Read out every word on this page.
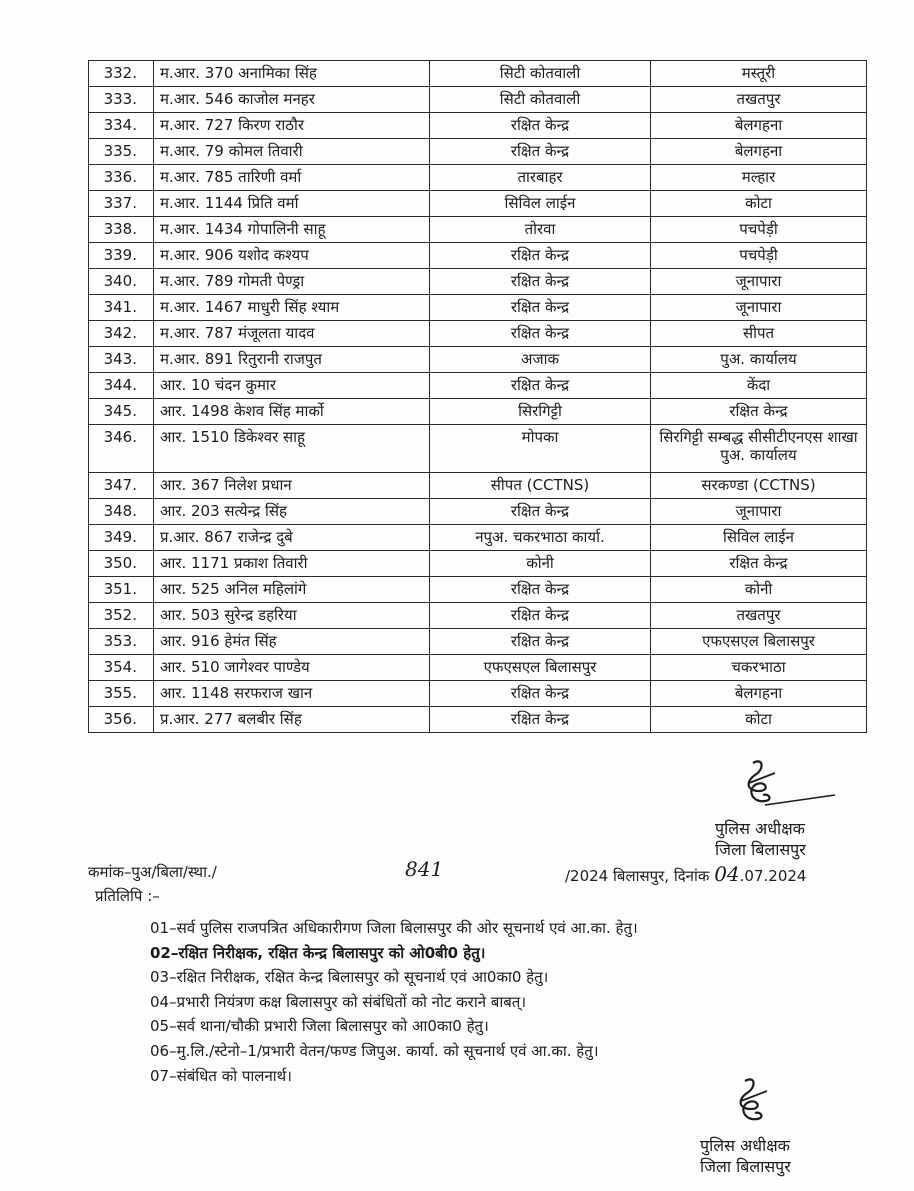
332.	म.आर. 370 अनामिका सिंह	सिटी कोतवाली	मस्तूरी
333.	म.आर. 546 काजोल मनहर	सिटी कोतवाली	तखतपुर
334.	म.आर. 727 किरण राठौर	रक्षित केन्द्र	बेलगहना
335.	म.आर. 79 कोमल तिवारी	रक्षित केन्द्र	बेलगहना
336.	म.आर. 785 तारिणी वर्मा	तारबाहर	मल्हार
337.	म.आर. 1144 प्रिति वर्मा	सिविल लाईन	कोटा
338.	म.आर. 1434 गोपालिनी साहू	तोरवा	पचपेड़ी
339.	म.आर. 906 यशोद कश्यप	रक्षित केन्द्र	पचपेड़ी
340.	म.आर. 789 गोमती पेण्ड्रा	रक्षित केन्द्र	जूनापारा
341.	म.आर. 1467 माधुरी सिंह श्याम	रक्षित केन्द्र	जूनापारा
342.	म.आर. 787 मंजूलता यादव	रक्षित केन्द्र	सीपत
343.	म.आर. 891 रितुरानी राजपुत	अजाक	पुअ. कार्यालय
344.	आर. 10 चंदन कुमार	रक्षित केन्द्र	केंदा
345.	आर. 1498 केशव सिंह मार्को	सिरगिट्टी	रक्षित केन्द्र
346.	आर. 1510 डिकेश्वर साहू	मोपका	सिरगिट्टी सम्बद्ध सीसीटीएनएस शाखा पुअ. कार्यालय
347.	आर. 367 निलेश प्रधान	सीपत (CCTNS)	सरकण्डा (CCTNS)
348.	आर. 203 सत्येन्द्र सिंह	रक्षित केन्द्र	जूनापारा
349.	प्र.आर. 867 राजेन्द्र दुबे	नपुअ. चकरभाठा कार्या.	सिविल लाईन
350.	आर. 1171 प्रकाश तिवारी	कोनी	रक्षित केन्द्र
351.	आर. 525 अनिल महिलांगे	रक्षित केन्द्र	कोनी
352.	आर. 503 सुरेन्द्र डहरिया	रक्षित केन्द्र	तखतपुर
353.	आर. 916 हेमंत सिंह	रक्षित केन्द्र	एफएसएल बिलासपुर
354.	आर. 510 जागेश्वर पाण्डेय	एफएसएल बिलासपुर	चकरभाठा
355.	आर. 1148 सरफराज खान	रक्षित केन्द्र	बेलगहना
356.	प्र.आर. 277 बलबीर सिंह	रक्षित केन्द्र	कोटा
पुलिस अधीक्षक
जिला बिलासपुर
कमांक–पुअ/बिला/स्था./	841	/2024 बिलासपुर, दिनांक 04.07.2024
प्रतिलिपि :–
01–सर्व पुलिस राजपत्रित अधिकारीगण जिला बिलासपुर की ओर सूचनार्थ एवं आ.का. हेतु।
02–रक्षित निरीक्षक, रक्षित केन्द्र बिलासपुर को ओ0बी0 हेतु।
03–रक्षित निरीक्षक, रक्षित केन्द्र बिलासपुर को सूचनार्थ एवं आ0का0 हेतु।
04–प्रभारी नियंत्रण कक्ष बिलासपुर को संबंधितों को नोट कराने बाबत्।
05–सर्व थाना/चौकी प्रभारी जिला बिलासपुर को आ0का0 हेतु।
06–मु.लि./स्टेनो–1/प्रभारी वेतन/फण्ड जिपुअ. कार्या. को सूचनार्थ एवं आ.का. हेतु।
07–संबंधित को पालनार्थ।
पुलिस अधीक्षक
जिला बिलासपुर
